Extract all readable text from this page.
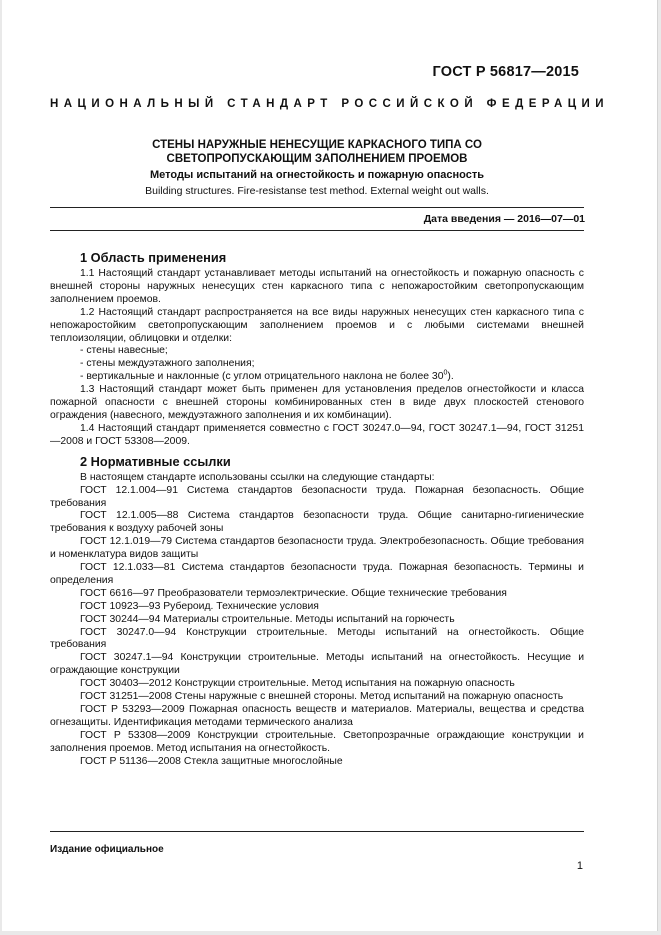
ГОСТ Р 56817—2015
НАЦИОНАЛЬНЫЙ СТАНДАРТ РОССИЙСКОЙ ФЕДЕРАЦИИ
СТЕНЫ НАРУЖНЫЕ НЕНЕСУЩИЕ КАРКАСНОГО ТИПА СО
СВЕТОПРОПУСКАЮЩИМ ЗАПОЛНЕНИЕМ ПРОЕМОВ
Методы испытаний на огнестойкость и пожарную опасность
Building structures. Fire-resistanse test method. External weight out walls.
Дата введения — 2016—07—01
1 Область применения

1.1 Настоящий стандарт устанавливает методы испытаний на огнестойкость и пожарную опасность с внешней стороны наружных ненесущих стен каркасного типа с непожаростойким светопропускающим заполнением проемов.

1.2 Настоящий стандарт распространяется на все виды наружных ненесущих стен каркасного типа с непожаростойким светопропускающим заполнением проемов и с любыми системами внешней теплоизоляции, облицовки и отделки:

- стены навесные;

- стены междуэтажного заполнения;

- вертикальные и наклонные (с углом отрицательного наклона не более $30^0$).

1.3 Настоящий стандарт может быть применен для установления пределов огнестойкости и класса пожарной опасности с внешней стороны комбинированных стен в виде двух плоскостей стенового ограждения (навесного, междуэтажного заполнения и их комбинации).

1.4 Настоящий стандарт применяется совместно с ГОСТ 30247.0—94, ГОСТ 30247.1—94, ГОСТ 31251—2008 и ГОСТ 53308—2009.

2 Нормативные ссылки

В настоящем стандарте использованы ссылки на следующие стандарты:

ГОСТ 12.1.004—91 Система стандартов безопасности труда. Пожарная безопасность. Общие требования

ГОСТ 12.1.005—88 Система стандартов безопасности труда. Общие санитарно-гигиенические требования к воздуху рабочей зоны

ГОСТ 12.1.019—79 Система стандартов безопасности труда. Электробезопасность. Общие требования и номенклатура видов защиты

ГОСТ 12.1.033—81 Система стандартов безопасности труда. Пожарная безопасность. Термины и определения

ГОСТ 6616—97 Преобразователи термоэлектрические. Общие технические требования

ГОСТ 10923—93 Рубероид. Технические условия

ГОСТ 30244—94 Материалы строительные. Методы испытаний на горючесть

ГОСТ 30247.0—94 Конструкции строительные. Методы испытаний на огнестойкость. Общие требования

ГОСТ 30247.1—94 Конструкции строительные. Методы испытаний на огнестойкость. Несущие и ограждающие конструкции

ГОСТ 30403—2012 Конструкции строительные. Метод испытания на пожарную опасность

ГОСТ 31251—2008 Стены наружные с внешней стороны. Метод испытаний на пожарную опасность

ГОСТ Р 53293—2009 Пожарная опасность веществ и материалов. Материалы, вещества и средства огнезащиты. Идентификация методами термического анализа

ГОСТ Р 53308—2009 Конструкции строительные. Светопрозрачные ограждающие конструкции и заполнения проемов. Метод испытания на огнестойкость.

ГОСТ Р 51136—2008 Стекла защитные многослойные

Издание официальное
1
